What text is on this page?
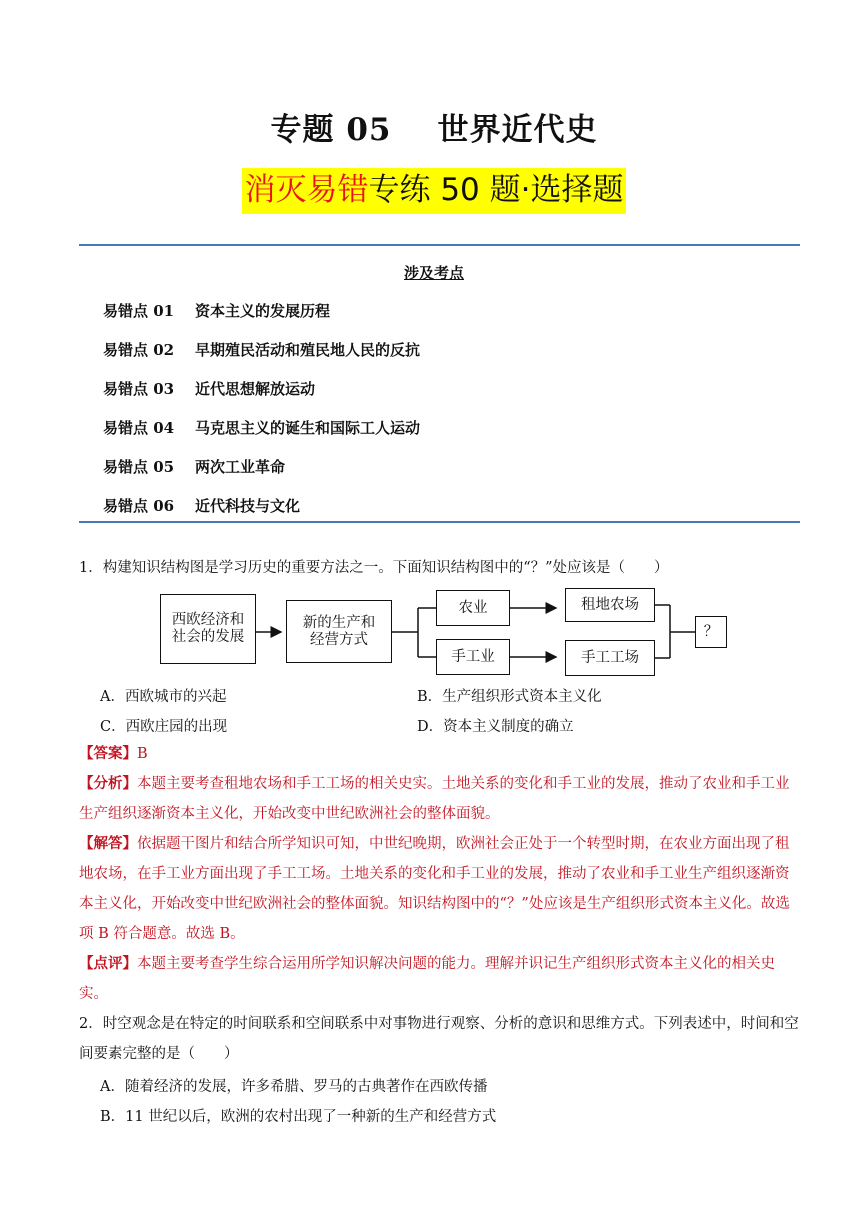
专题 05 世界近代史
消灭易错专练 50 题·选择题
涉及考点
易错点 01 资本主义的发展历程
易错点 02 早期殖民活动和殖民地人民的反抗
易错点 03 近代思想解放运动
易错点 04 马克思主义的诞生和国际工人运动
易错点 05 两次工业革命
易错点 06 近代科技与文化
1．构建知识结构图是学习历史的重要方法之一。下面知识结构图中的“？”处应该是（　　）
西欧经济和社会的发展
新的生产和经营方式
农业
手工业
租地农场
手工工场
？
A．西欧城市的兴起	B．生产组织形式资本主义化
C．西欧庄园的出现	D．资本主义制度的确立
【答案】B
【分析】本题主要考查租地农场和手工工场的相关史实。土地关系的变化和手工业的发展，推动了农业和手工业生产组织逐渐资本主义化，开始改变中世纪欧洲社会的整体面貌。
【解答】依据题干图片和结合所学知识可知，中世纪晚期，欧洲社会正处于一个转型时期，在农业方面出现了租地农场，在手工业方面出现了手工工场。土地关系的变化和手工业的发展，推动了农业和手工业生产组织逐渐资本主义化，开始改变中世纪欧洲社会的整体面貌。知识结构图中的“？”处应该是生产组织形式资本主义化。故选项 B 符合题意。故选 B。
【点评】本题主要考查学生综合运用所学知识解决问题的能力。理解并识记生产组织形式资本主义化的相关史实。
2．时空观念是在特定的时间联系和空间联系中对事物进行观察、分析的意识和思维方式。下列表述中，时间和空间要素完整的是（　　）
A．随着经济的发展，许多希腊、罗马的古典著作在西欧传播
B．11 世纪以后，欧洲的农村出现了一种新的生产和经营方式
